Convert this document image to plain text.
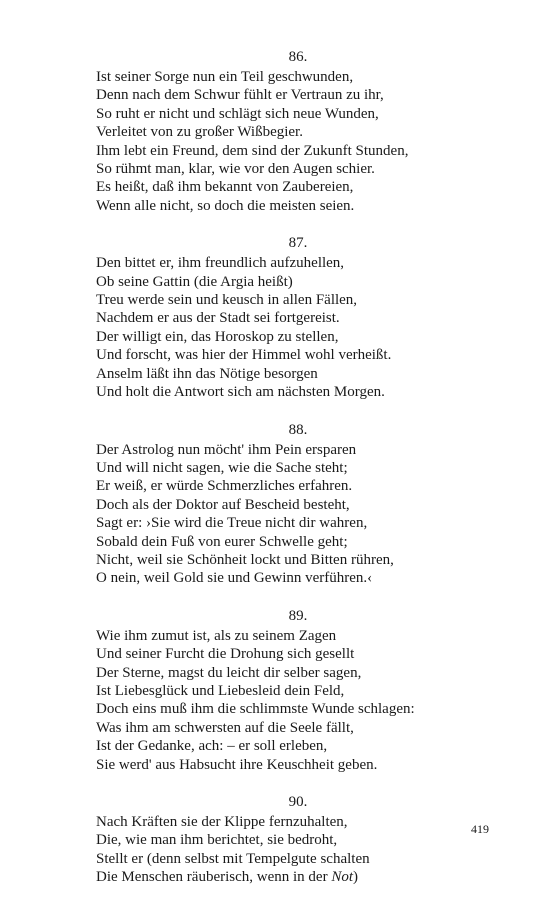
86.
Ist seiner Sorge nun ein Teil geschwunden,
Denn nach dem Schwur fühlt er Vertraun zu ihr,
So ruht er nicht und schlägt sich neue Wunden,
Verleitet von zu großer Wißbegier.
Ihm lebt ein Freund, dem sind der Zukunft Stunden,
So rühmt man, klar, wie vor den Augen schier.
Es heißt, daß ihm bekannt von Zaubereien,
Wenn alle nicht, so doch die meisten seien.
87.
Den bittet er, ihm freundlich aufzuhellen,
Ob seine Gattin (die Argia heißt)
Treu werde sein und keusch in allen Fällen,
Nachdem er aus der Stadt sei fortgereist.
Der willigt ein, das Horoskop zu stellen,
Und forscht, was hier der Himmel wohl verheißt.
Anselm läßt ihn das Nötige besorgen
Und holt die Antwort sich am nächsten Morgen.
88.
Der Astrolog nun möcht' ihm Pein ersparen
Und will nicht sagen, wie die Sache steht;
Er weiß, er würde Schmerzliches erfahren.
Doch als der Doktor auf Bescheid besteht,
Sagt er: ›Sie wird die Treue nicht dir wahren,
Sobald dein Fuß von eurer Schwelle geht;
Nicht, weil sie Schönheit lockt und Bitten rühren,
O nein, weil Gold sie und Gewinn verführen.‹
89.
Wie ihm zumut ist, als zu seinem Zagen
Und seiner Furcht die Drohung sich gesellt
Der Sterne, magst du leicht dir selber sagen,
Ist Liebesglück und Liebesleid dein Feld,
Doch eins muß ihm die schlimmste Wunde schlagen:
Was ihm am schwersten auf die Seele fällt,
Ist der Gedanke, ach: – er soll erleben,
Sie werd' aus Habsucht ihre Keuschheit geben.
90.
Nach Kräften sie der Klippe fernzuhalten,
Die, wie man ihm berichtet, sie bedroht,
Stellt er (denn selbst mit Tempelgute schalten
Die Menschen räuberisch, wenn in der Not)
419
